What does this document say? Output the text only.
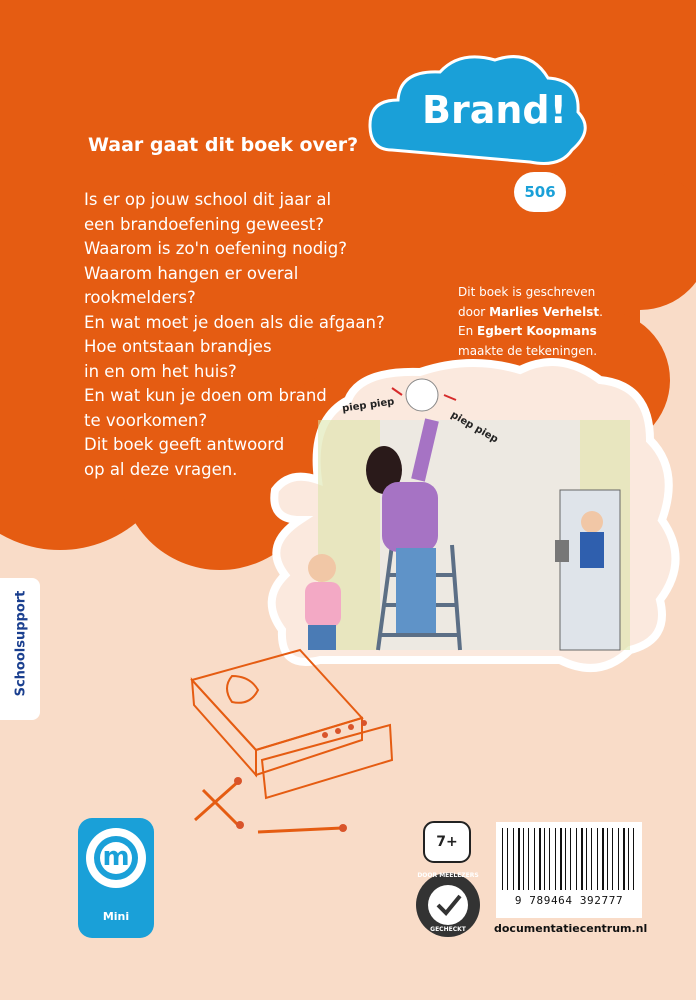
Brand!
506
Waar gaat dit boek over?
Is er op jouw school dit jaar al
een brandoefening geweest?
Waarom is zo'n oefening nodig?
Waarom hangen er overal
rookmelders?
En wat moet je doen als die afgaan?
Hoe ontstaan brandjes
in en om het huis?
En wat kun je doen om brand
te voorkomen?
Dit boek geeft antwoord
op al deze vragen.
Dit boek is geschreven
door Marlies Verhelst.
En Egbert Koopmans
maakte de tekeningen.
piep piep
piep piep
Schoolsupport
m
Mini
7+
DOOR MEELEZERS
GECHECKT
9 789464 392777
documentatiecentrum.nl
